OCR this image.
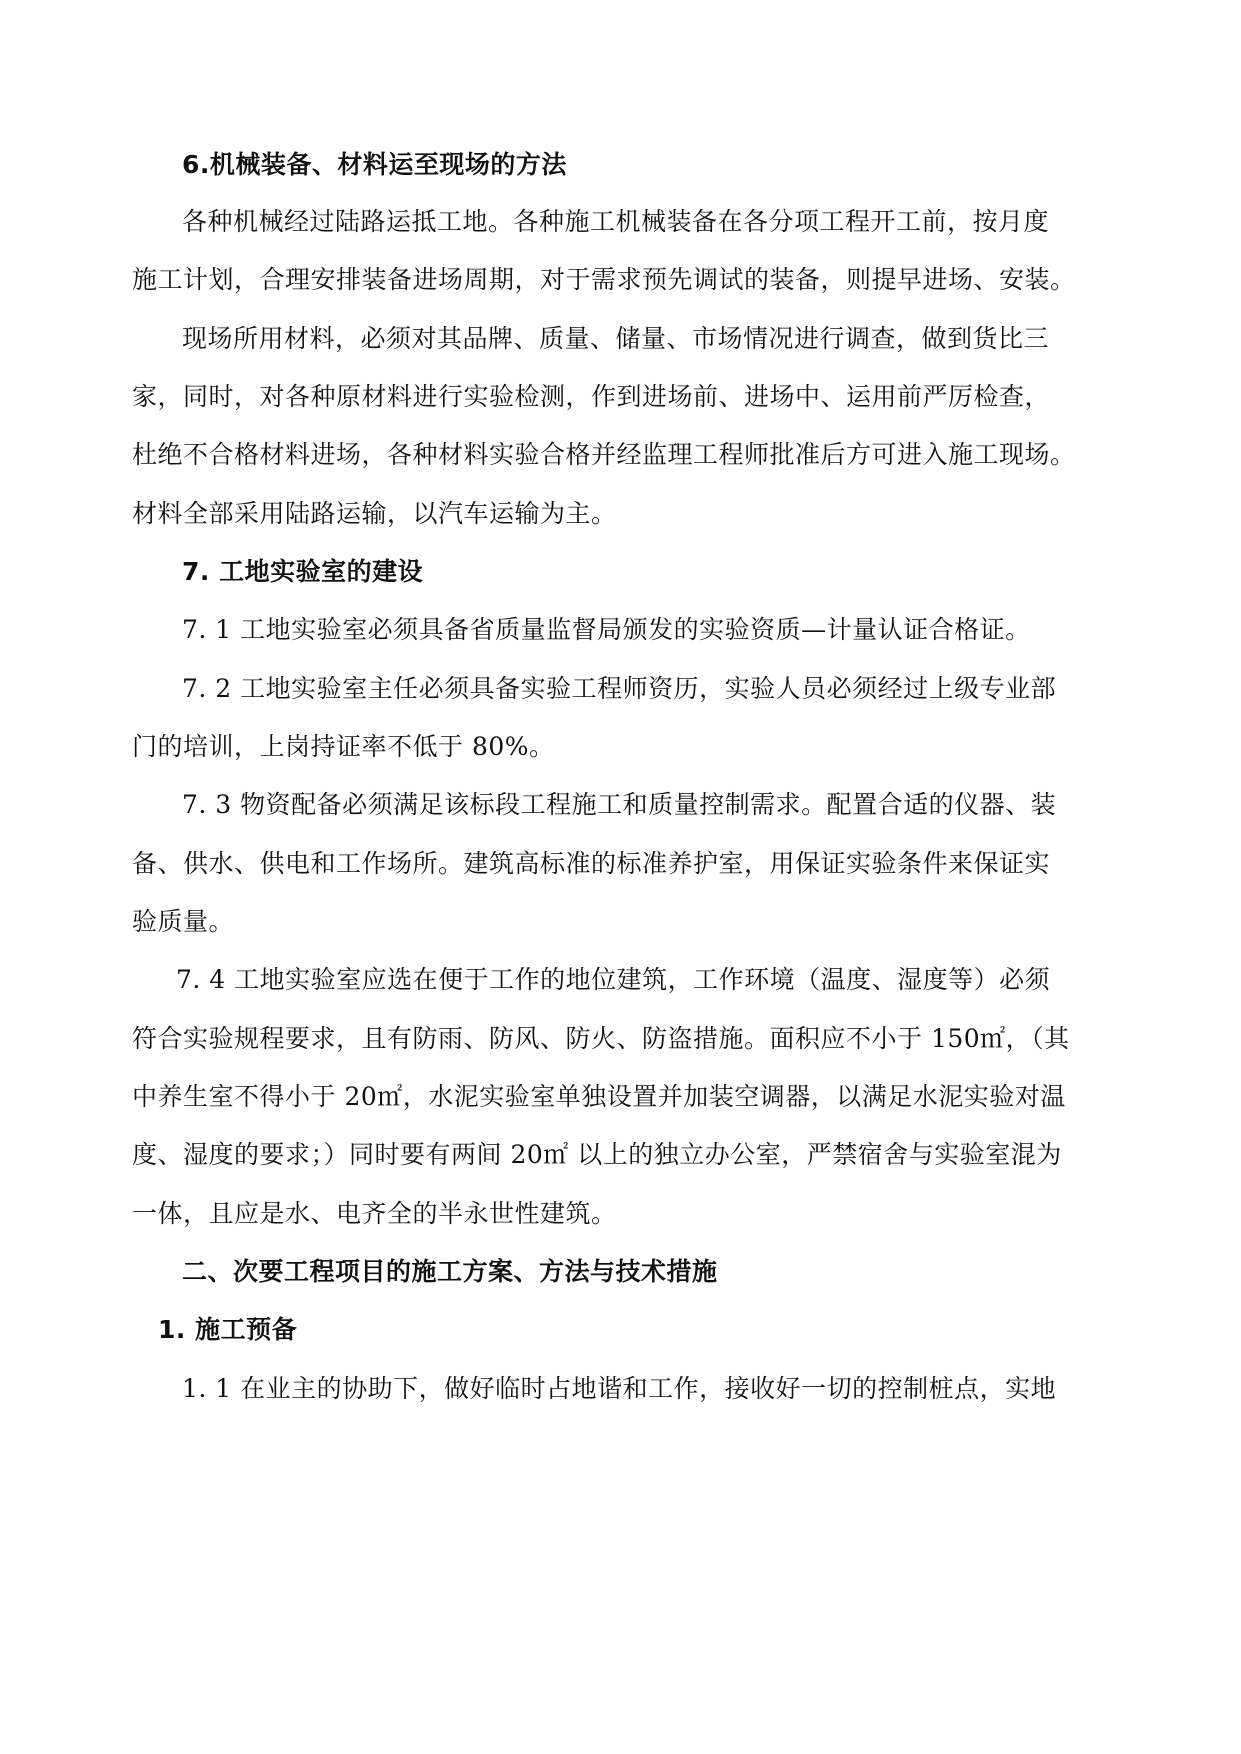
6.机械装备、材料运至现场的方法
各种机械经过陆路运抵工地。各种施工机械装备在各分项工程开工前，按月度
施工计划，合理安排装备进场周期，对于需求预先调试的装备，则提早进场、安装。
现场所用材料，必须对其品牌、质量、储量、市场情况进行调查，做到货比三
家，同时，对各种原材料进行实验检测，作到进场前、进场中、运用前严厉检查，
杜绝不合格材料进场，各种材料实验合格并经监理工程师批准后方可进入施工现场。
材料全部采用陆路运输，以汽车运输为主。
7. 工地实验室的建设
7. 1 工地实验室必须具备省质量监督局颁发的实验资质—计量认证合格证。
7. 2 工地实验室主任必须具备实验工程师资历，实验人员必须经过上级专业部
门的培训，上岗持证率不低于 80%。
7. 3 物资配备必须满足该标段工程施工和质量控制需求。配置合适的仪器、装
备、供水、供电和工作场所。建筑高标准的标准养护室，用保证实验条件来保证实
验质量。
7. 4 工地实验室应选在便于工作的地位建筑，工作环境（温度、湿度等）必须
符合实验规程要求，且有防雨、防风、防火、防盗措施。面积应不小于 150㎡，（其
中养生室不得小于 20㎡，水泥实验室单独设置并加装空调器，以满足水泥实验对温
度、湿度的要求；）同时要有两间 20㎡ 以上的独立办公室，严禁宿舍与实验室混为
一体，且应是水、电齐全的半永世性建筑。
二、次要工程项目的施工方案、方法与技术措施
1. 施工预备
1. 1 在业主的协助下，做好临时占地谐和工作，接收好一切的控制桩点，实地
